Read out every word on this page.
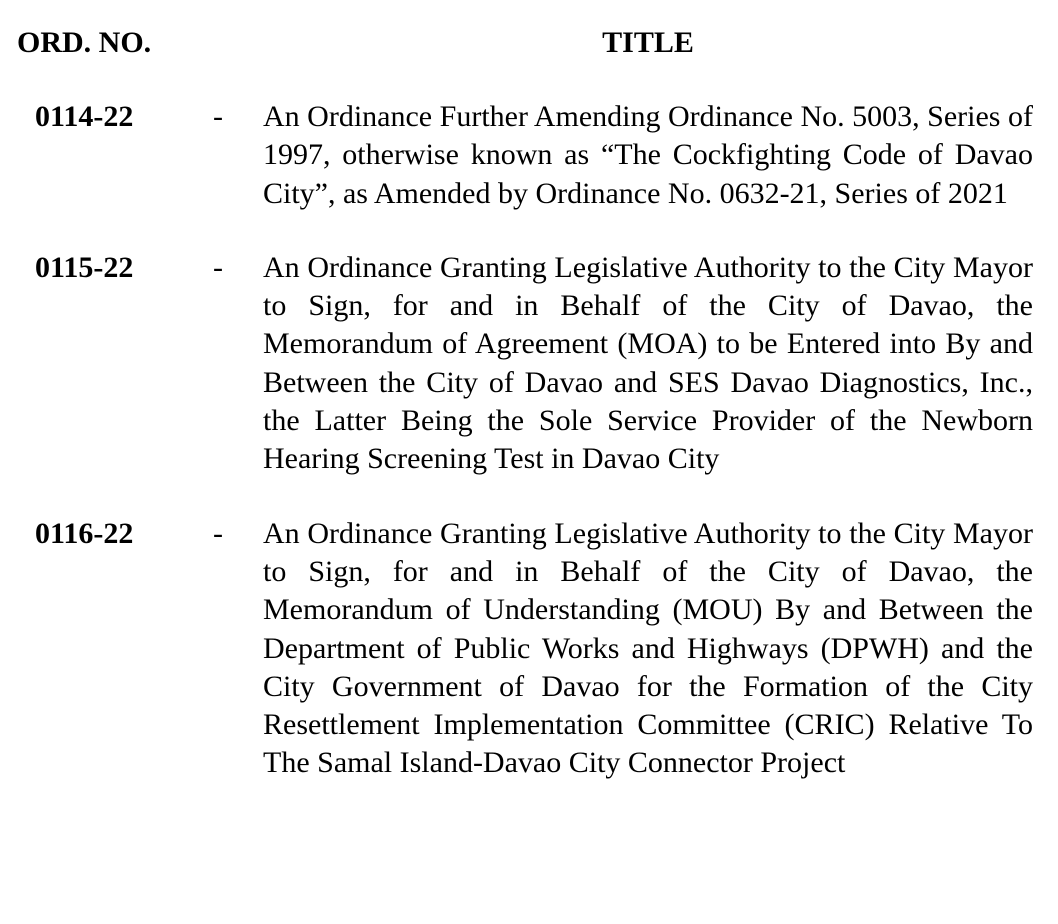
ORD. NO.	TITLE
0114-22	-	An Ordinance Further Amending Ordinance No. 5003, Series of 1997, otherwise known as “The Cockfighting Code of Davao City”, as Amended by Ordinance No. 0632-21, Series of 2021
0115-22	-	An Ordinance Granting Legislative Authority to the City Mayor to Sign, for and in Behalf of the City of Davao, the Memorandum of Agreement (MOA) to be Entered into By and Between the City of Davao and SES Davao Diagnostics, Inc., the Latter Being the Sole Service Provider of the Newborn Hearing Screening Test in Davao City
0116-22	-	An Ordinance Granting Legislative Authority to the City Mayor to Sign, for and in Behalf of the City of Davao, the Memorandum of Understanding (MOU) By and Between the Department of Public Works and Highways (DPWH) and the City Government of Davao for the Formation of the City Resettlement Implementation Committee (CRIC) Relative To The Samal Island-Davao City Connector Project
